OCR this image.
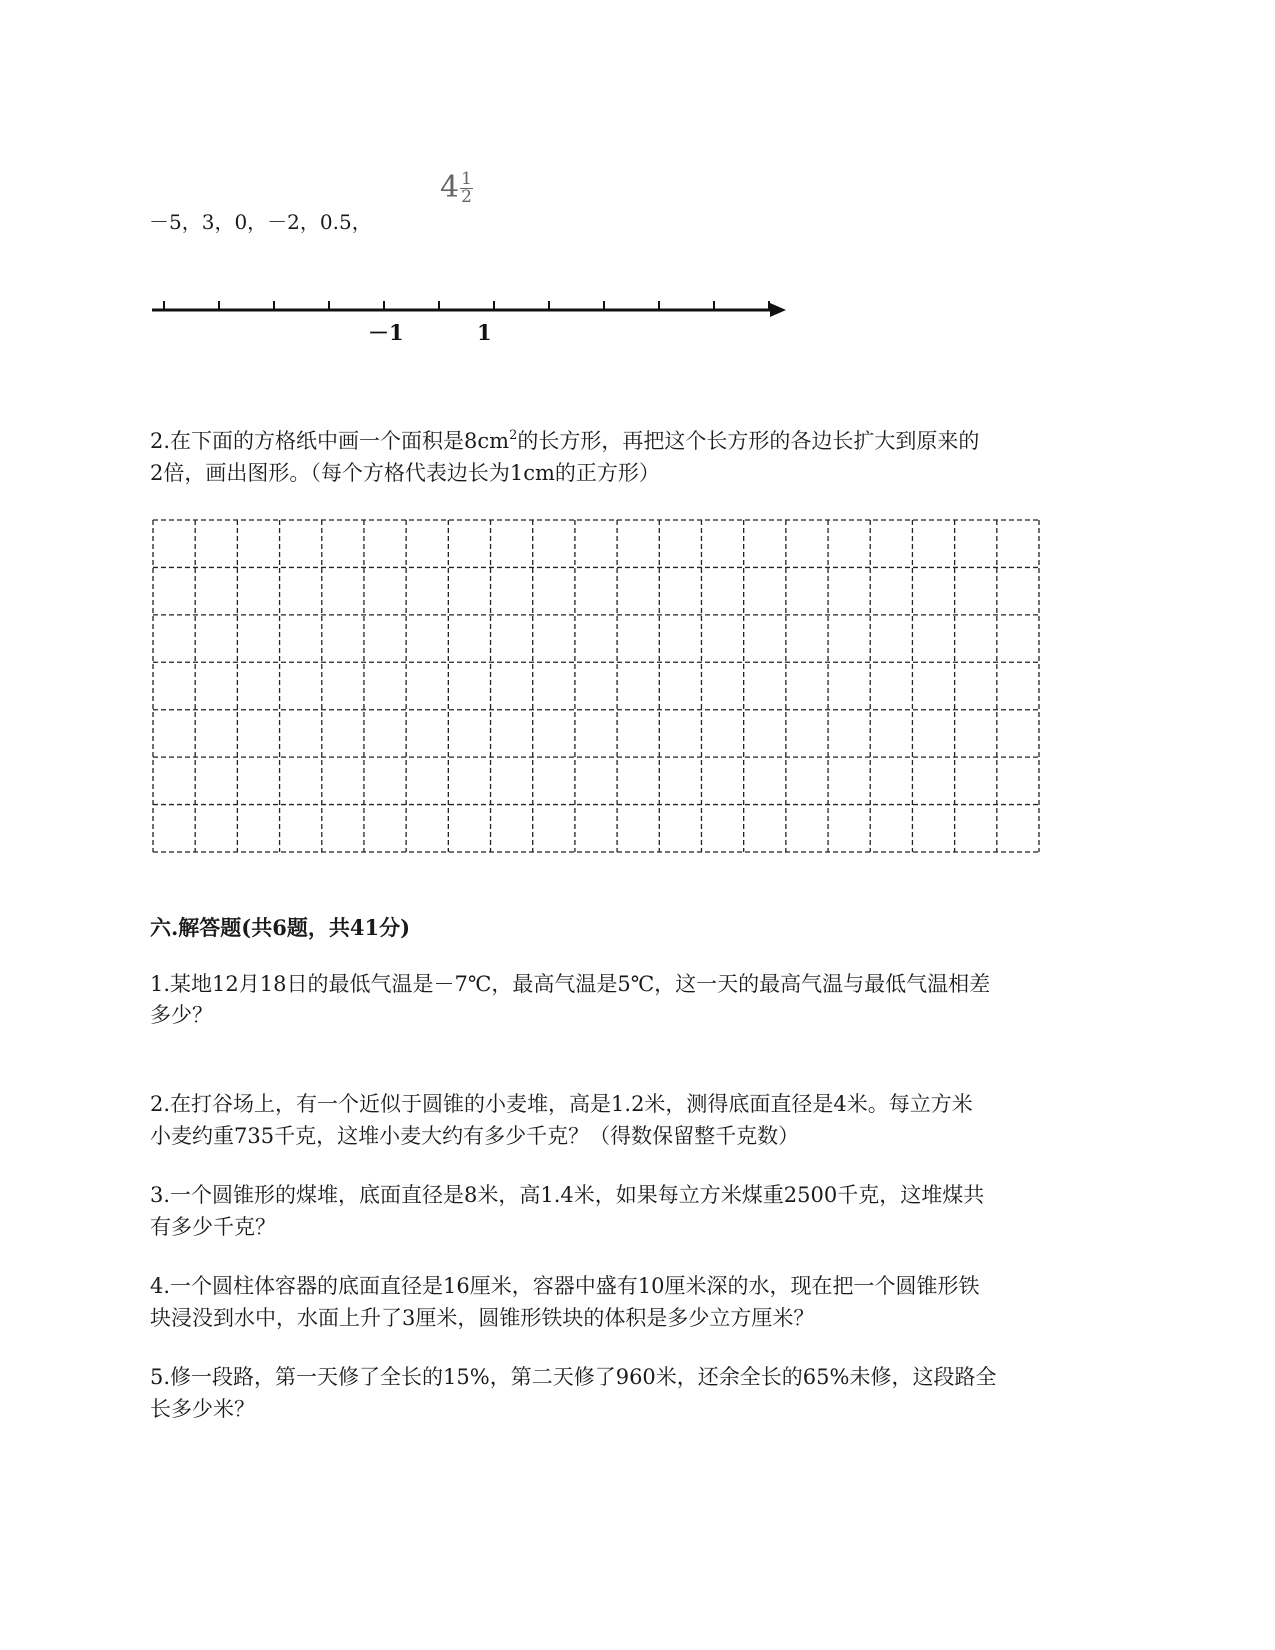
－5，3，0，－2，0.5，
$4 \frac{1}{2}$
－1	1
2.在下面的方格纸中画一个面积是$8cm^2$的长方形，再把这个长方形的各边长扩大到原来的
2倍，画出图形。（每个方格代表边长为1cm的正方形）
六.解答题(共6题，共41分)
1.某地12月18日的最低气温是－7℃，最高气温是5℃，这一天的最高气温与最低气温相差
多少？
2.在打谷场上，有一个近似于圆锥的小麦堆，高是1.2米，测得底面直径是4米。每立方米
小麦约重735千克，这堆小麦大约有多少千克？（得数保留整千克数）
3.一个圆锥形的煤堆，底面直径是8米，高1.4米，如果每立方米煤重2500千克，这堆煤共
有多少千克？
4.一个圆柱体容器的底面直径是16厘米，容器中盛有10厘米深的水，现在把一个圆锥形铁
块浸没到水中，水面上升了3厘米，圆锥形铁块的体积是多少立方厘米？
5.修一段路，第一天修了全长的15%，第二天修了960米，还余全长的65%未修，这段路全
长多少米？
